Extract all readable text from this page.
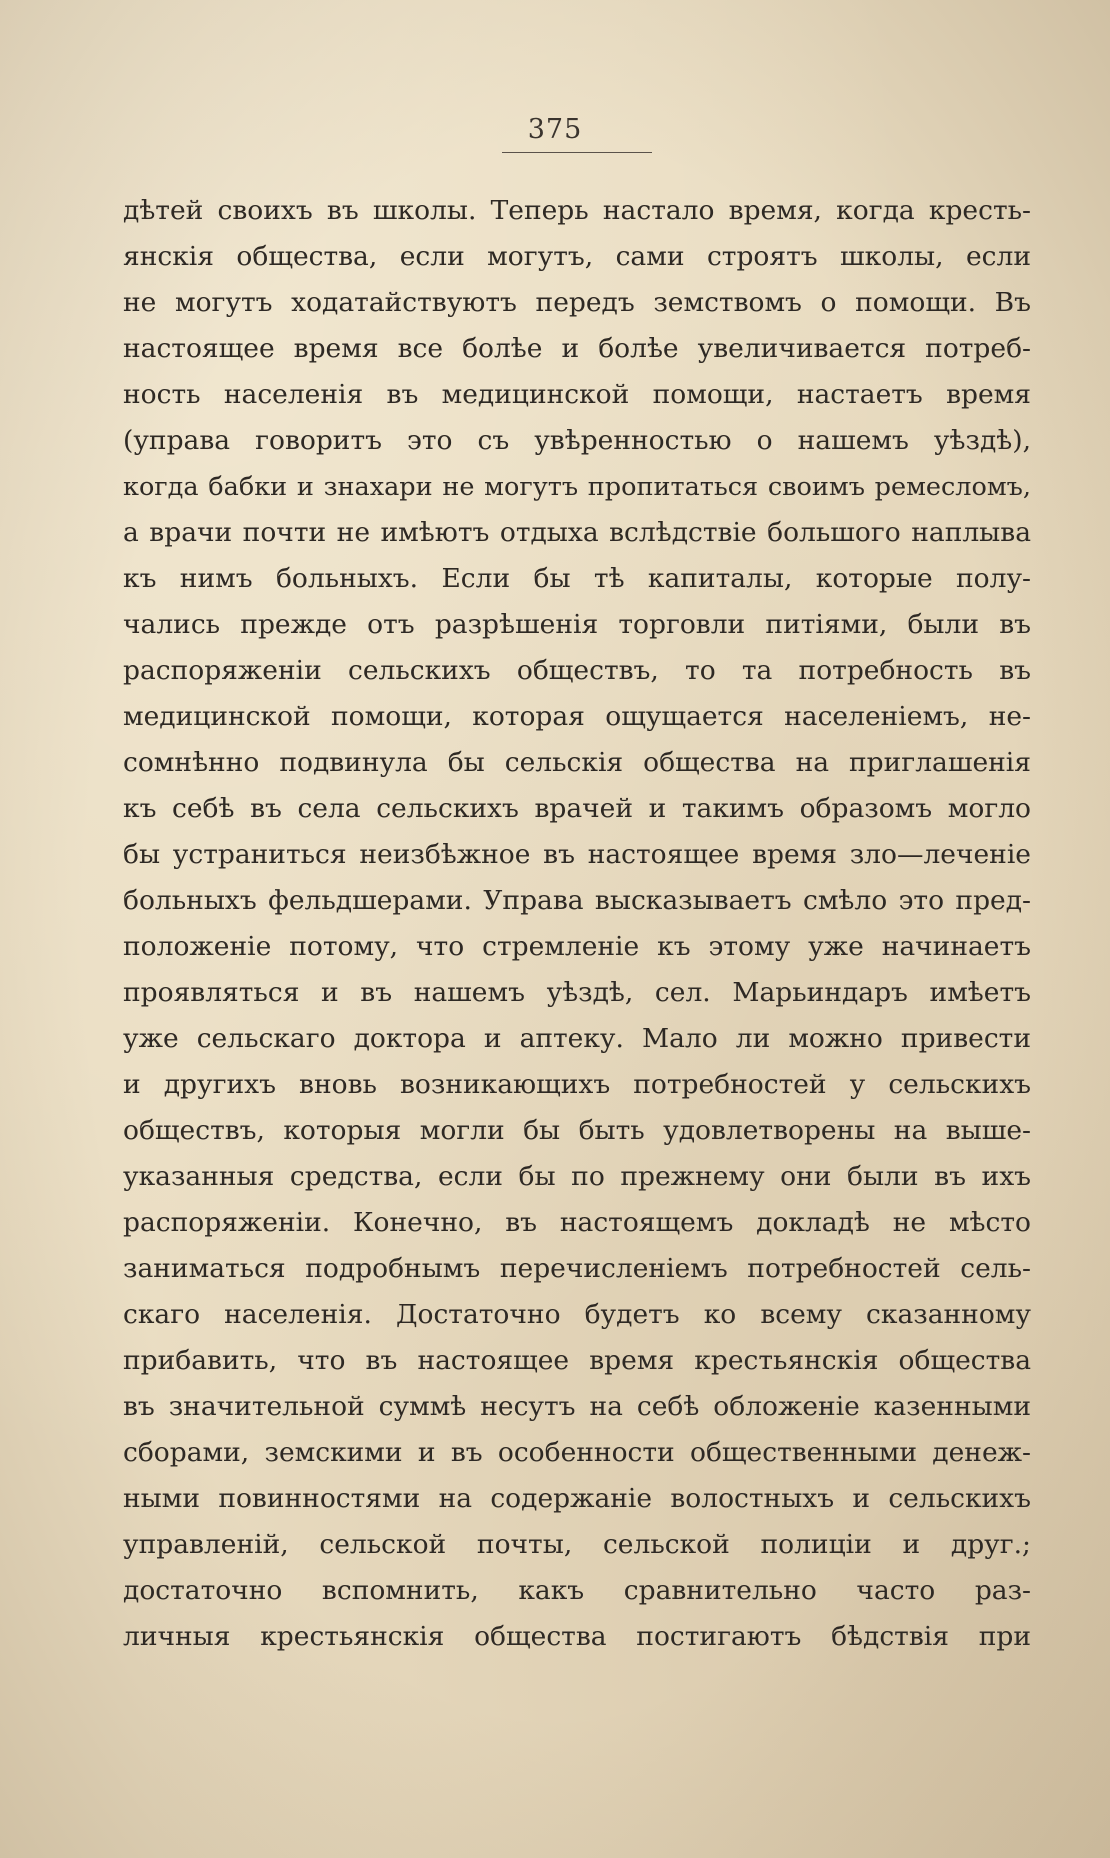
375
дѣтей своихъ въ школы. Теперь настало время, когда кресть-
янскія общества, если могутъ, сами строятъ школы, если
не могутъ ходатайствуютъ передъ земствомъ о помощи. Въ
настоящее время все болѣе и болѣе увеличивается потреб-
ность населенія въ медицинской помощи, настаетъ время
(управа говоритъ это съ увѣренностью о нашемъ уѣздѣ),
когда бабки и знахари не могутъ пропитаться своимъ ремесломъ,
а врачи почти не имѣютъ отдыха вслѣдствіе большого наплыва
къ нимъ больныхъ. Если бы тѣ капиталы, которые полу-
чались прежде отъ разрѣшенія торговли питіями, были въ
распоряженіи сельскихъ обществъ, то та потребность въ
медицинской помощи, которая ощущается населеніемъ, не-
сомнѣнно подвинула бы сельскія общества на приглашенія
къ себѣ въ села сельскихъ врачей и такимъ образомъ могло
бы устраниться неизбѣжное въ настоящее время зло—леченіе
больныхъ фельдшерами. Управа высказываетъ смѣло это пред-
положеніе потому, что стремленіе къ этому уже начинаетъ
проявляться и въ нашемъ уѣздѣ, сел. Марьиндаръ имѣетъ
уже сельскаго доктора и аптеку. Мало ли можно привести
и другихъ вновь возникающихъ потребностей у сельскихъ
обществъ, которыя могли бы быть удовлетворены на выше-
указанныя средства, если бы по прежнему они были въ ихъ
распоряженіи. Конечно, въ настоящемъ докладѣ не мѣсто
заниматься подробнымъ перечисленіемъ потребностей сель-
скаго населенія. Достаточно будетъ ко всему сказанному
прибавить, что въ настоящее время крестьянскія общества
въ значительной суммѣ несутъ на себѣ обложеніе казенными
сборами, земскими и въ особенности общественными денеж-
ными повинностями на содержаніе волостныхъ и сельскихъ
управленій, сельской почты, сельской полиціи и друг.;
достаточно вспомнить, какъ сравнительно часто раз-
личныя крестьянскія общества постигаютъ бѣдствія при
